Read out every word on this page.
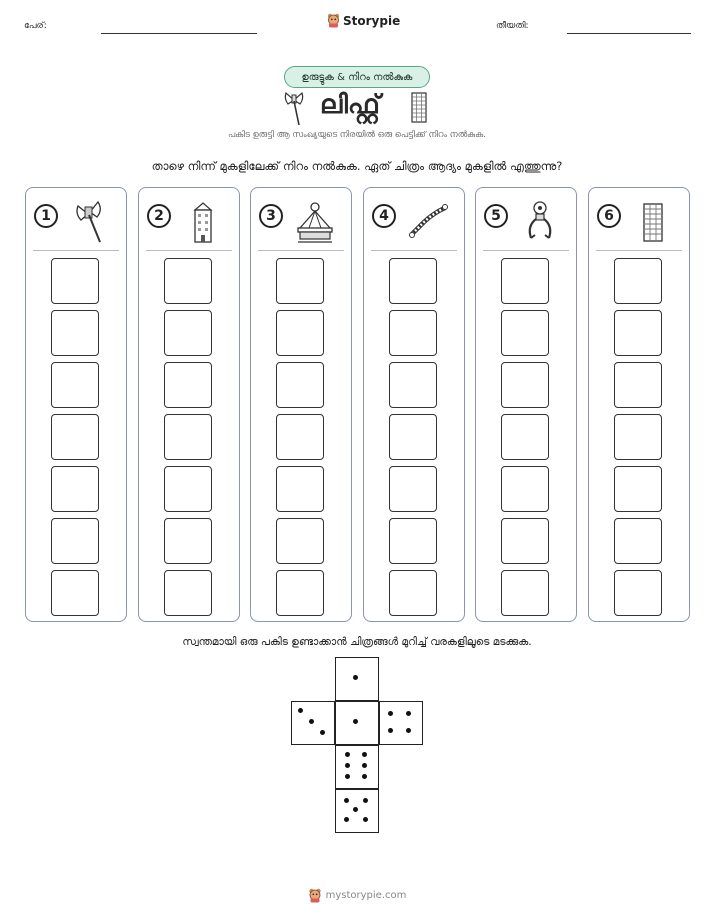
പേര്:	Storypie	തീയതി:
ഉരുട്ടുക & നിറം നൽകുക
ലിഫ്റ്റ്
പകിട ഉരുട്ടി ആ സംഖ്യയുടെ നിരയിൽ ഒരു പെട്ടിക്ക് നിറം നൽകുക.
താഴെ നിന്ന് മുകളിലേക്ക് നിറം നൽകുക. ഏത് ചിത്രം ആദ്യം മുകളിൽ എത്തുന്നു?
1	2	3	4	5	6
സ്വന്തമായി ഒരു പകിട ഉണ്ടാക്കാൻ ചിത്രങ്ങൾ മുറിച്ച് വരകളിലൂടെ മടക്കുക.
mystorypie.com
